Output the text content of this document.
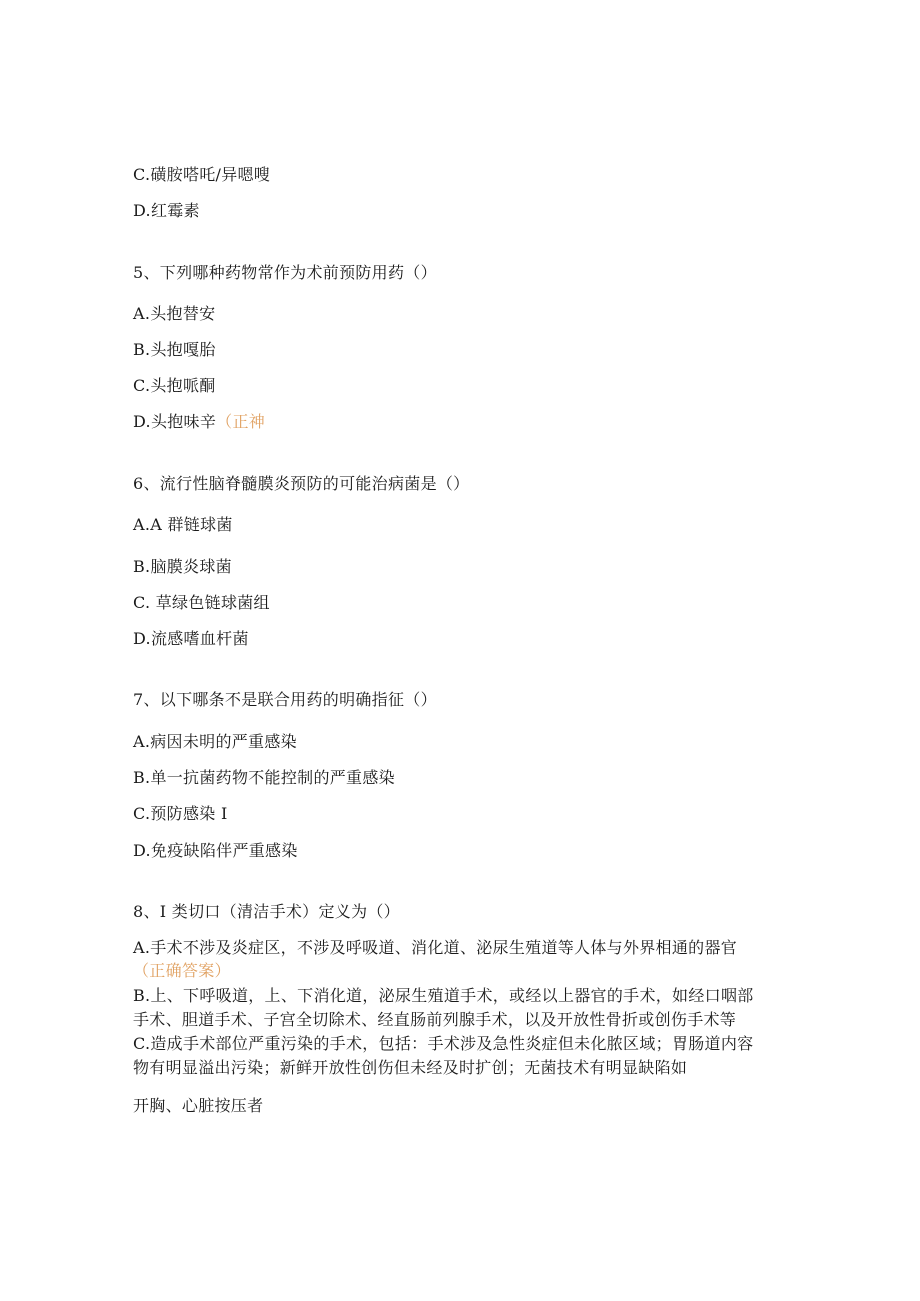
C.磺胺嗒吒/异嗯嗖
D.红霉素
5、下列哪种药物常作为术前预防用药（）
A.头抱替安
B.头抱嘎胎
C.头抱哌酮
D.头抱味辛（正神
6、流行性脑脊髓膜炎预防的可能治病菌是（）
A.A 群链球菌
B.脑膜炎球菌
C. 草绿色链球菌组
D.流感嗜血杆菌
7、以下哪条不是联合用药的明确指征（）
A.病因未明的严重感染
B.单一抗菌药物不能控制的严重感染
C.预防感染 I
D.免疫缺陷伴严重感染
8、I 类切口（清洁手术）定义为（）
A.手术不涉及炎症区，不涉及呼吸道、消化道、泌尿生殖道等人体与外界相通的器官
（正确答案）
B.上、下呼吸道，上、下消化道，泌尿生殖道手术，或经以上器官的手术，如经口咽部
手术、胆道手术、子宫全切除术、经直肠前列腺手术，以及开放性骨折或创伤手术等
C.造成手术部位严重污染的手术，包括：手术涉及急性炎症但未化脓区域；胃肠道内容
物有明显溢出污染；新鲜开放性创伤但未经及时扩创；无菌技术有明显缺陷如
开胸、心脏按压者
